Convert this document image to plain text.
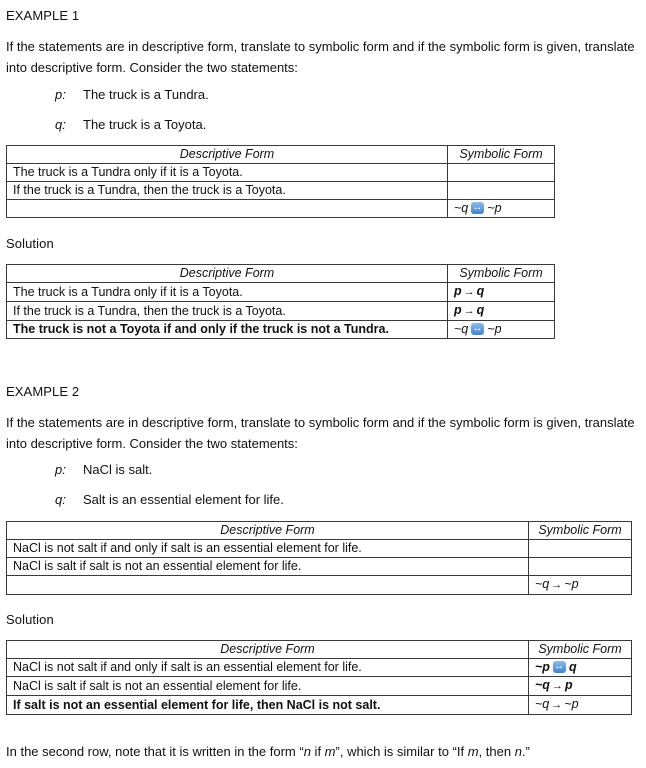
EXAMPLE 1
If the statements are in descriptive form, translate to symbolic form and if the symbolic form is given, translate into descriptive form. Consider the two statements:
p:	The truck is a Tundra.
q:	The truck is a Toyota.
Descriptive Form	Symbolic Form
The truck is a Tundra only if it is a Toyota.	
If the truck is a Tundra, then the truck is a Toyota.	
	~q ↔ ~p
Solution
Descriptive Form	Symbolic Form
The truck is a Tundra only if it is a Toyota.	p → q
If the truck is a Tundra, then the truck is a Toyota.	p → q
The truck is not a Toyota if and only if the truck is not a Tundra.	~q ↔ ~p
EXAMPLE 2
If the statements are in descriptive form, translate to symbolic form and if the symbolic form is given, translate into descriptive form. Consider the two statements:
p:	NaCl is salt.
q:	Salt is an essential element for life.
Descriptive Form	Symbolic Form
NaCl is not salt if and only if salt is an essential element for life.	
NaCl is salt if salt is not an essential element for life.	
	~q → ~p
Solution
Descriptive Form	Symbolic Form
NaCl is not salt if and only if salt is an essential element for life.	~p ↔ q
NaCl is salt if salt is not an essential element for life.	~q → p
If salt is not an essential element for life, then NaCl is not salt.	~q → ~p
In the second row, note that it is written in the form “n if m”, which is similar to “If m, then n.”
